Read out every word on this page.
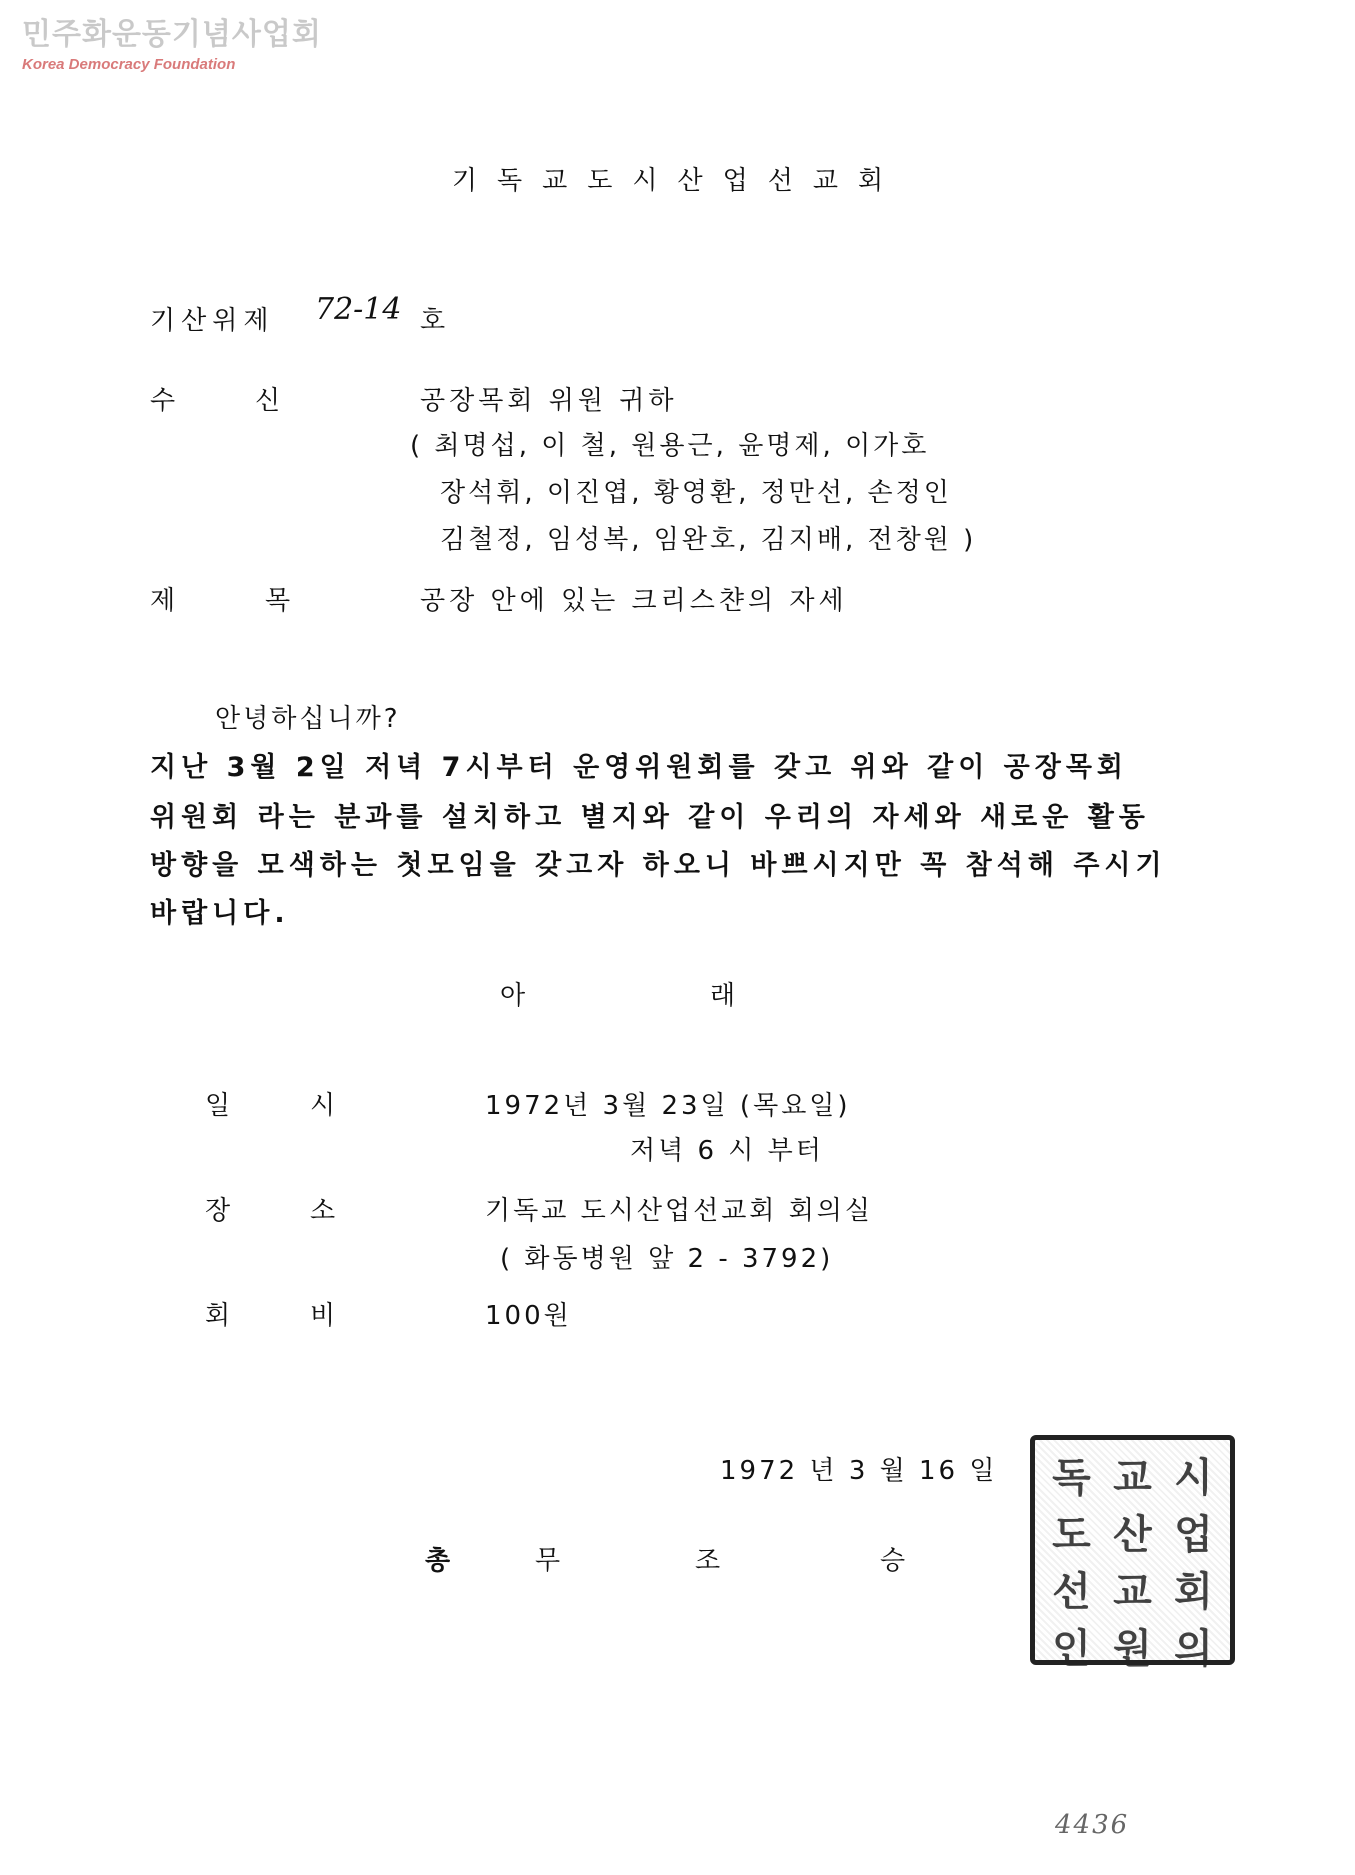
민주화운동기념사업회
Korea Democracy Foundation
기독교도시산업선교회
기산위제 72-14 호
수	신	공장목회 위원 귀하
( 최명섭, 이 철, 원용근, 윤명제, 이가호
장석휘, 이진엽, 황영환, 정만선, 손정인
김철정, 임성복, 임완호, 김지배, 전창원 )
제	목	공장 안에 있는 크리스챤의 자세
안녕하십니까?
지난 3월 2일 저녁 7시부터 운영위원회를 갖고 위와 같이 공장목회
위원회 라는 분과를 설치하고 별지와 같이 우리의 자세와 새로운 활동
방향을 모색하는 첫모임을 갖고자 하오니 바쁘시지만 꼭 참석해 주시기
바랍니다.
아	래
일	시	1972년 3월 23일 (목요일)
저녁 6 시 부터
장	소	기독교 도시산업선교회 회의실
( 화동병원 앞 2 - 3792)
회	비	100원
1972 년 3 월 16 일
총	무	조	승
독 교 시
도 산 업
선 교 회
인 원 의
4436
